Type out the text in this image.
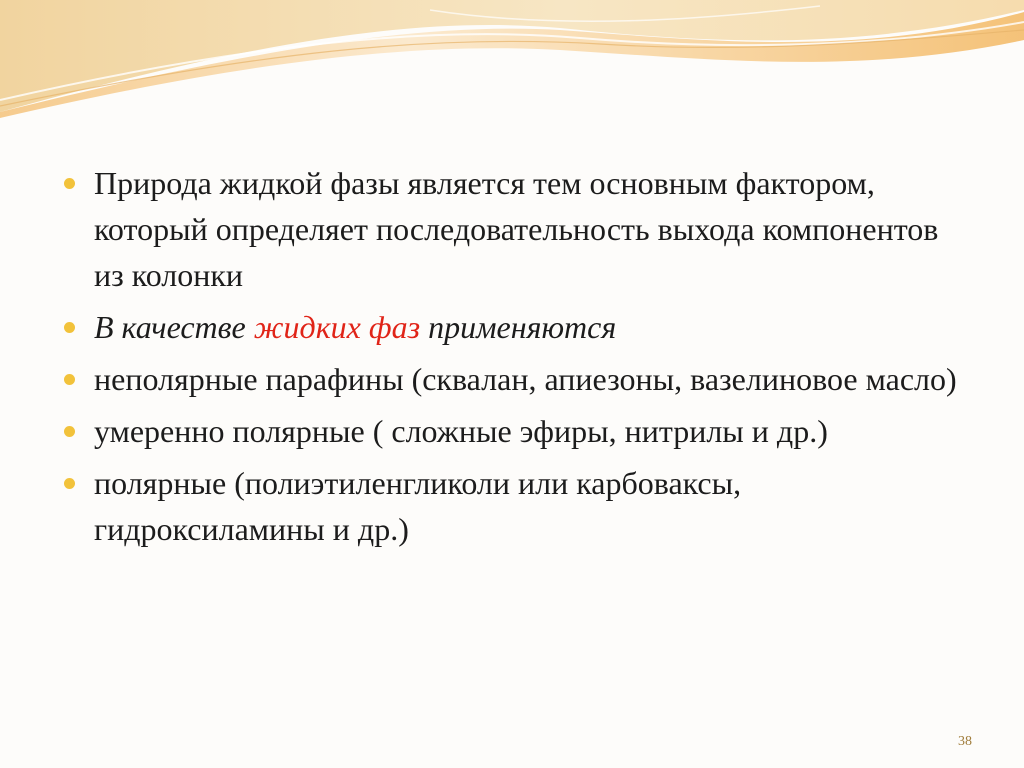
Природа жидкой фазы является тем основным фактором, который определяет последовательность выхода компонентов из колонки
В качестве жидких фаз применяются
неполярные парафины (сквалан, апиезоны, вазелиновое масло)
умеренно полярные ( сложные эфиры, нитрилы и др.)
полярные (полиэтиленгликоли или карбоваксы, гидроксиламины и др.)
38
